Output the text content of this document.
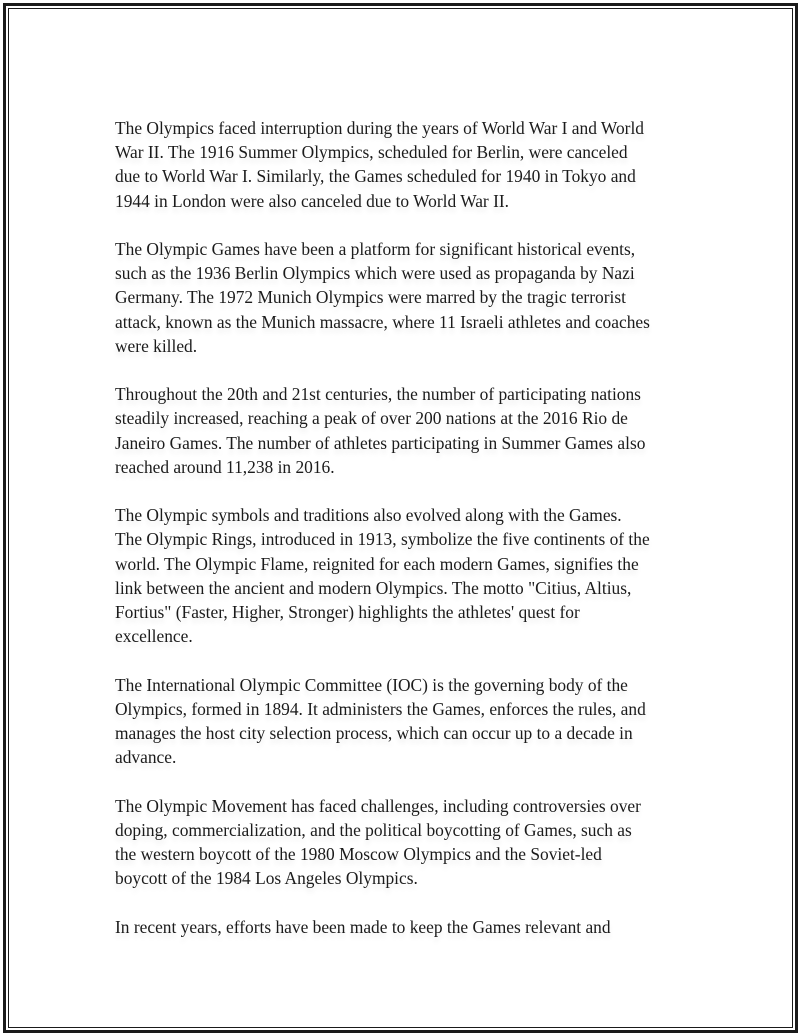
The Olympics faced interruption during the years of World War I and World
War II. The 1916 Summer Olympics, scheduled for Berlin, were canceled
due to World War I. Similarly, the Games scheduled for 1940 in Tokyo and
1944 in London were also canceled due to World War II.

The Olympic Games have been a platform for significant historical events,
such as the 1936 Berlin Olympics which were used as propaganda by Nazi
Germany. The 1972 Munich Olympics were marred by the tragic terrorist
attack, known as the Munich massacre, where 11 Israeli athletes and coaches
were killed.

Throughout the 20th and 21st centuries, the number of participating nations
steadily increased, reaching a peak of over 200 nations at the 2016 Rio de
Janeiro Games. The number of athletes participating in Summer Games also
reached around 11,238 in 2016.

The Olympic symbols and traditions also evolved along with the Games.
The Olympic Rings, introduced in 1913, symbolize the five continents of the
world. The Olympic Flame, reignited for each modern Games, signifies the
link between the ancient and modern Olympics. The motto "Citius, Altius,
Fortius" (Faster, Higher, Stronger) highlights the athletes' quest for
excellence.

The International Olympic Committee (IOC) is the governing body of the
Olympics, formed in 1894. It administers the Games, enforces the rules, and
manages the host city selection process, which can occur up to a decade in
advance.

The Olympic Movement has faced challenges, including controversies over
doping, commercialization, and the political boycotting of Games, such as
the western boycott of the 1980 Moscow Olympics and the Soviet-led
boycott of the 1984 Los Angeles Olympics.

In recent years, efforts have been made to keep the Games relevant and
